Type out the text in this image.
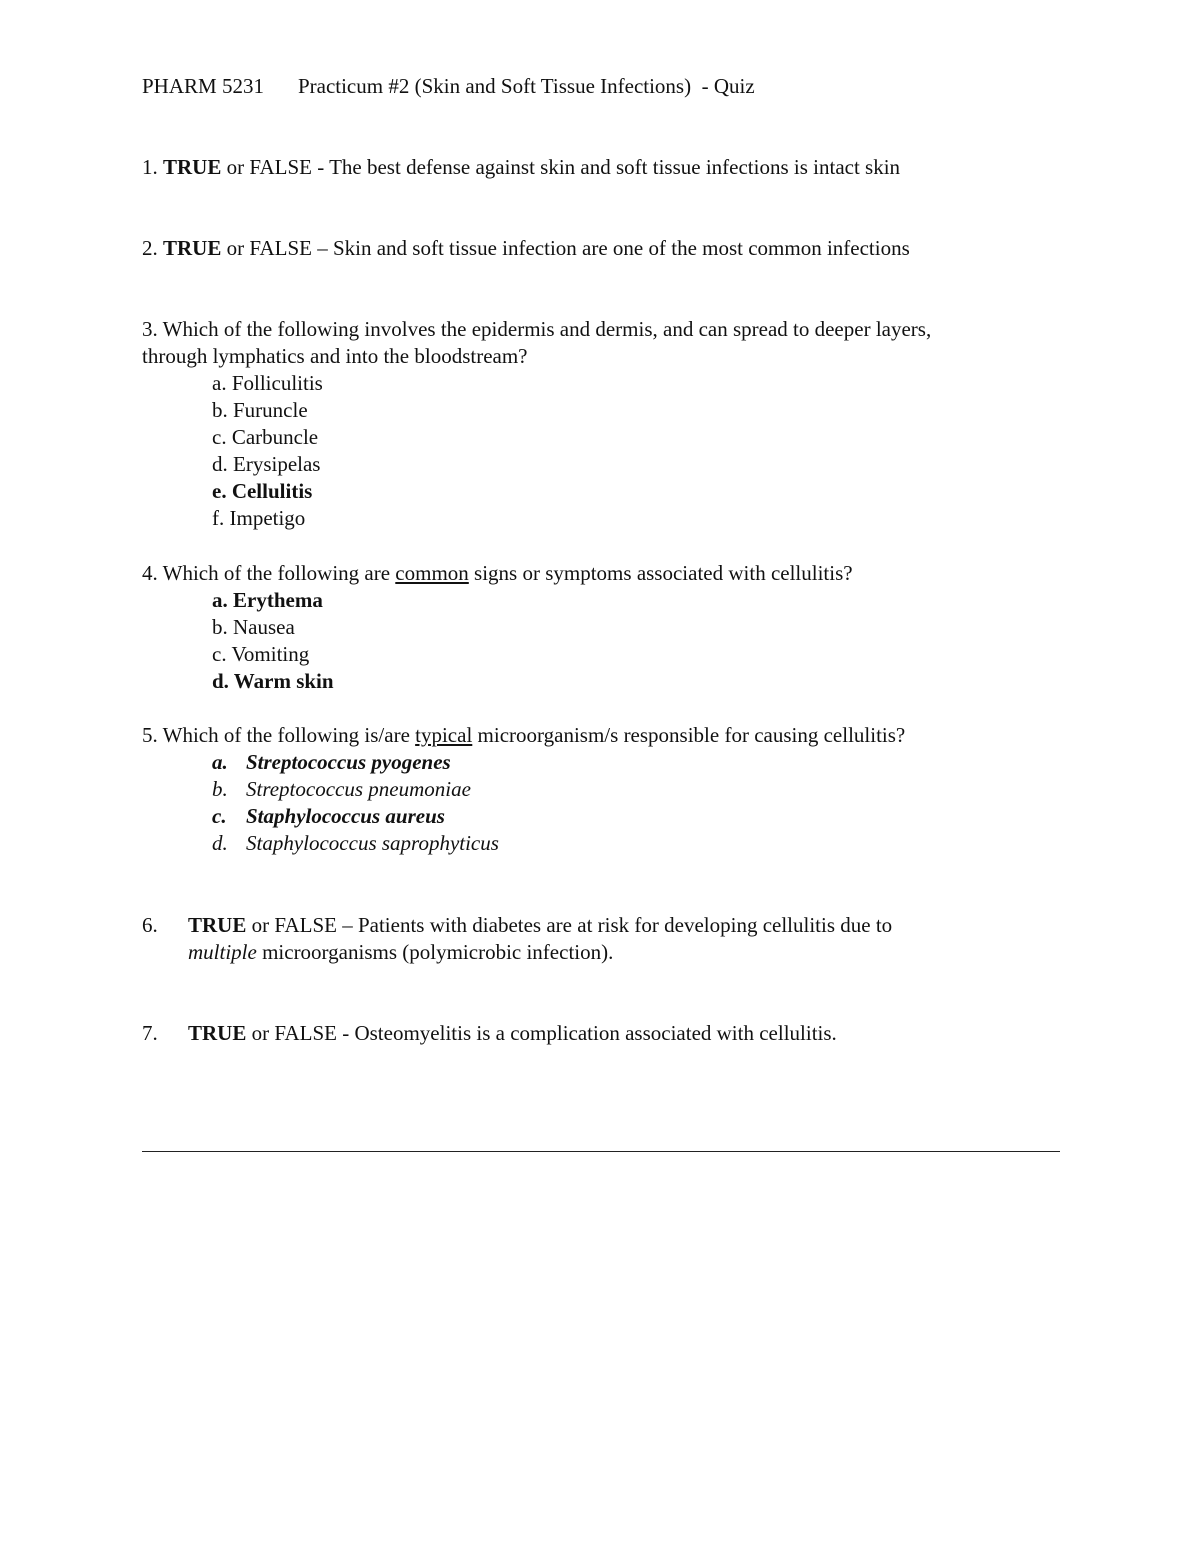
PHARM 5231 Practicum #2 (Skin and Soft Tissue Infections)  - Quiz
1. TRUE or FALSE - The best defense against skin and soft tissue infections is intact skin
2. TRUE or FALSE – Skin and soft tissue infection are one of the most common infections
3. Which of the following involves the epidermis and dermis, and can spread to deeper layers,
through lymphatics and into the bloodstream?
a. Folliculitis
b. Furuncle
c. Carbuncle
d. Erysipelas
e. Cellulitis
f. Impetigo
4. Which of the following are common signs or symptoms associated with cellulitis?
a. Erythema
b. Nausea
c. Vomiting
d. Warm skin
5. Which of the following is/are typical microorganism/s responsible for causing cellulitis?
a. Streptococcus pyogenes
b. Streptococcus pneumoniae
c. Staphylococcus aureus
d. Staphylococcus saprophyticus
6. TRUE or FALSE – Patients with diabetes are at risk for developing cellulitis due to
multiple microorganisms (polymicrobic infection).
7. TRUE or FALSE - Osteomyelitis is a complication associated with cellulitis.
